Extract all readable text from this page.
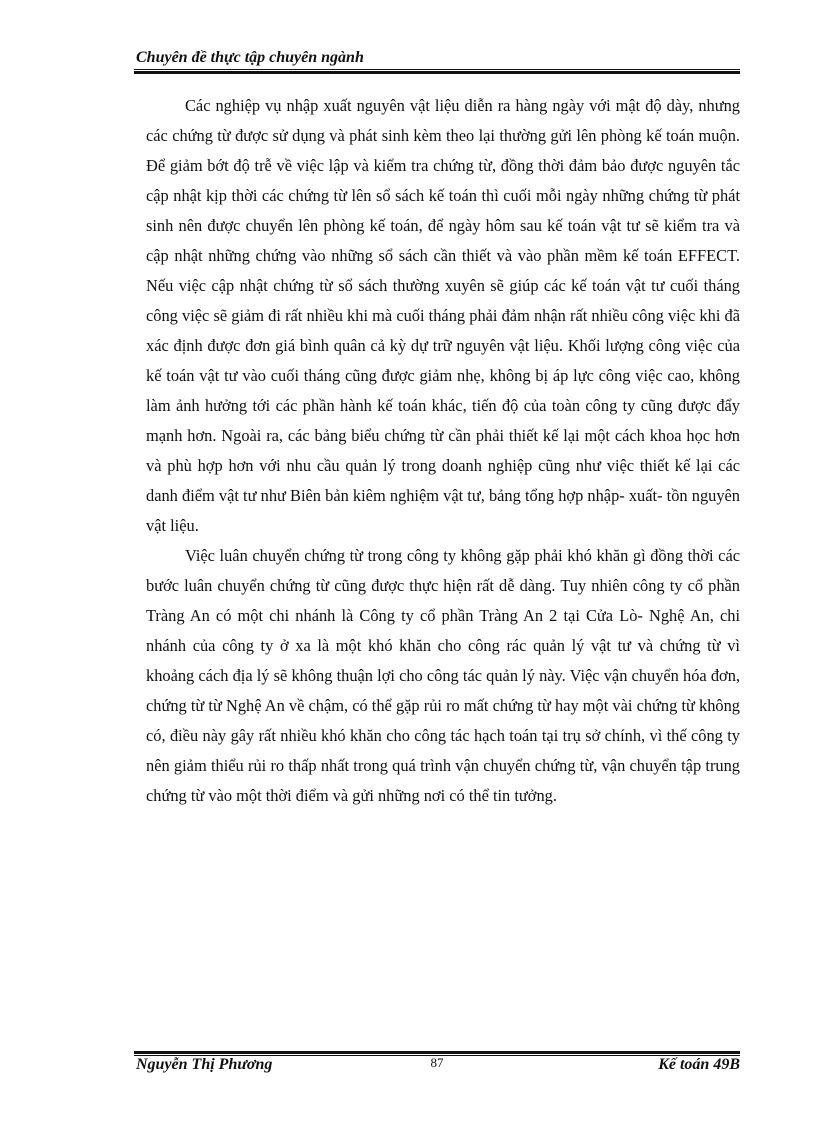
Chuyên đề thực tập chuyên ngành

Các nghiệp vụ nhập xuất nguyên vật liệu diễn ra hàng ngày với mật độ dày, nhưng các chứng từ được sử dụng và phát sinh kèm theo lại thường gửi lên phòng kế toán muộn. Để giảm bớt độ trễ về việc lập và kiểm tra chứng từ, đồng thời đảm bảo được nguyên tắc cập nhật kịp thời các chứng từ lên sổ sách kế toán thì cuối mỗi ngày những chứng từ phát sinh nên được chuyển lên phòng kế toán, để ngày hôm sau kế toán vật tư sẽ kiểm tra và cập nhật những chứng vào những sổ sách cần thiết và vào phần mềm kế toán EFFECT. Nếu việc cập nhật chứng từ sổ sách thường xuyên sẽ giúp các kế toán vật tư cuối tháng công việc sẽ giảm đi rất nhiều khi mà cuối tháng phải đảm nhận rất nhiều công việc khi đã xác định được đơn giá bình quân cả kỳ dự trữ nguyên vật liệu. Khối lượng công việc của kế toán vật tư vào cuối tháng cũng được giảm nhẹ, không bị áp lực công việc cao, không làm ảnh hưởng tới các phần hành kế toán khác, tiến độ của toàn công ty cũng được đẩy mạnh hơn. Ngoài ra, các bảng biểu chứng từ cần phải thiết kế lại một cách khoa học hơn và phù hợp hơn với nhu cầu quản lý trong doanh nghiệp cũng như việc thiết kế lại các danh điểm vật tư như Biên bản kiêm nghiệm vật tư, bảng tổng hợp nhập- xuất- tồn nguyên vật liệu.

Việc luân chuyển chứng từ trong công ty không gặp phải khó khăn gì đồng thời các bước luân chuyển chứng từ cũng được thực hiện rất dễ dàng. Tuy nhiên công ty cổ phần Tràng An có một chi nhánh là Công ty cổ phần Tràng An 2 tại Cửa Lò- Nghệ An, chi nhánh của công ty ở xa là một khó khăn cho công rác quản lý vật tư và chứng từ vì khoảng cách địa lý sẽ không thuận lợi cho công tác quản lý này. Việc vận chuyển hóa đơn, chứng từ từ Nghệ An về chậm, có thể gặp rủi ro mất chứng từ hay một vài chứng từ không có, điều này gây rất nhiều khó khăn cho công tác hạch toán tại trụ sở chính, vì thế công ty nên giảm thiểu rủi ro thấp nhất trong quá trình vận chuyển chứng từ, vận chuyển tập trung chứng từ vào một thời điểm và gửi những nơi có thể tin tưởng.

Nguyễn Thị Phương	87	Kế toán 49B
